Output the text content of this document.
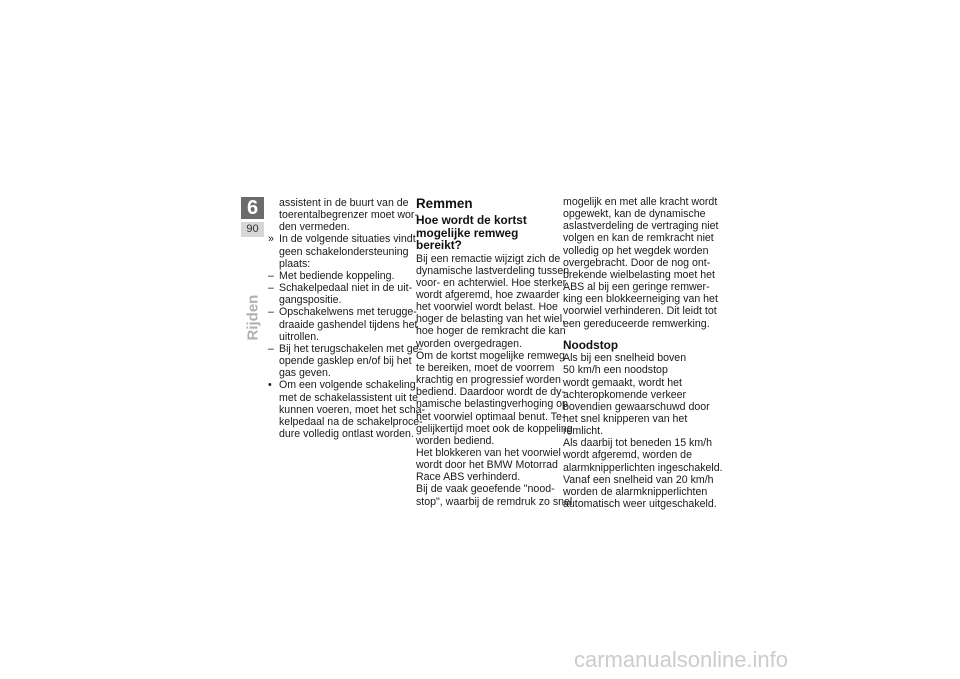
6
90
Rijden
assistent in de buurt van de
toerentalbegrenzer moet wor-
den vermeden.
» In de volgende situaties vindt
geen schakelondersteuning
plaats:
– Met bediende koppeling.
– Schakelpedaal niet in de uit-
gangspositie.
– Opschakelwens met terugge-
draaide gashendel tijdens het
uitrollen.
– Bij het terugschakelen met ge-
opende gasklep en/of bij het
gas geven.
• Om een volgende schakeling
met de schakelassistent uit te
kunnen voeren, moet het scha-
kelpedaal na de schakelproce-
dure volledig ontlast worden.
Remmen
Hoe wordt de kortst
mogelijke remweg
bereikt?
Bij een remactie wijzigt zich de
dynamische lastverdeling tussen
voor- en achterwiel. Hoe sterker
wordt afgeremd, hoe zwaarder
het voorwiel wordt belast. Hoe
hoger de belasting van het wiel,
hoe hoger de remkracht die kan
worden overgedragen.
Om de kortst mogelijke remweg
te bereiken, moet de voorrem
krachtig en progressief worden
bediend. Daardoor wordt de dy-
namische belastingverhoging op
het voorwiel optimaal benut. Te-
gelijkertijd moet ook de koppeling
worden bediend.
Het blokkeren van het voorwiel
wordt door het BMW Motorrad
Race ABS verhinderd.
Bij de vaak geoefende "nood-
stop", waarbij de remdruk zo snel
mogelijk en met alle kracht wordt
opgewekt, kan de dynamische
aslastverdeling de vertraging niet
volgen en kan de remkracht niet
volledig op het wegdek worden
overgebracht. Door de nog ont-
brekende wielbelasting moet het
ABS al bij een geringe remwer-
king een blokkeerneiging van het
voorwiel verhinderen. Dit leidt tot
een gereduceerde remwerking.
Noodstop
Als bij een snelheid boven
50 km/h een noodstop
wordt gemaakt, wordt het
achteropkomende verkeer
bovendien gewaarschuwd door
het snel knipperen van het
remlicht.
Als daarbij tot beneden 15 km/h
wordt afgeremd, worden de
alarmknipperlichten ingeschakeld.
Vanaf een snelheid van 20 km/h
worden de alarmknipperlichten
automatisch weer uitgeschakeld.
carmanualsonline.info
